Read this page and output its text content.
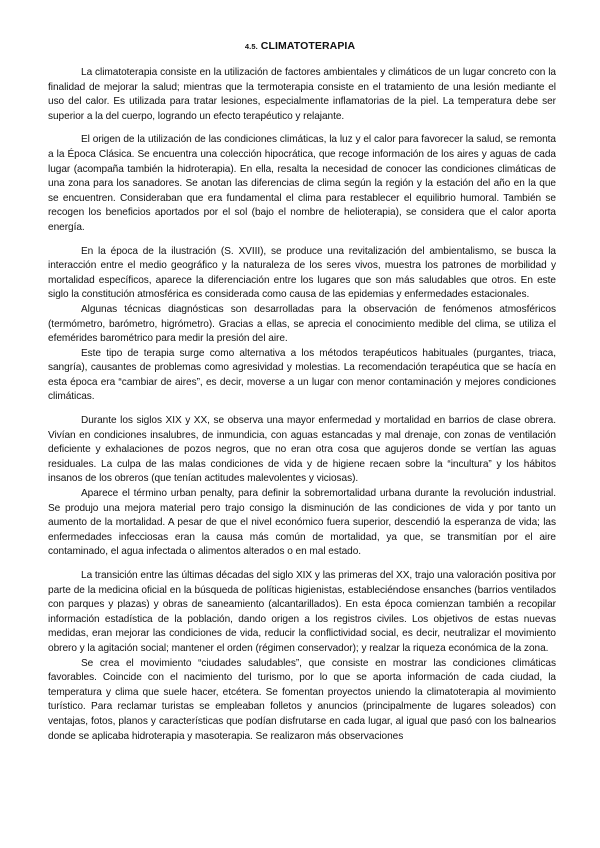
4.5. CLIMATOTERAPIA

La climatoterapia consiste en la utilización de factores ambientales y climáticos de un lugar concreto con la finalidad de mejorar la salud; mientras que la termoterapia consiste en el tratamiento de una lesión mediante el uso del calor. Es utilizada para tratar lesiones, especialmente inflamatorias de la piel. La temperatura debe ser superior a la del cuerpo, logrando un efecto terapéutico y relajante.

El origen de la utilización de las condiciones climáticas, la luz y el calor para favorecer la salud, se remonta a la Época Clásica. Se encuentra una colección hipocrática, que recoge información de los aires y aguas de cada lugar (acompaña también la hidroterapia). En ella, resalta la necesidad de conocer las condiciones climáticas de una zona para los sanadores. Se anotan las diferencias de clima según la región y la estación del año en la que se encuentren. Consideraban que era fundamental el clima para restablecer el equilibrio humoral. También se recogen los beneficios aportados por el sol (bajo el nombre de helioterapia), se considera que el calor aporta energía.

En la época de la ilustración (S. XVIII), se produce una revitalización del ambientalismo, se busca la interacción entre el medio geográfico y la naturaleza de los seres vivos, muestra los patrones de morbilidad y mortalidad específicos, aparece la diferenciación entre los lugares que son más saludables que otros. En este siglo la constitución atmosférica es considerada como causa de las epidemias y enfermedades estacionales.

Algunas técnicas diagnósticas son desarrolladas para la observación de fenómenos atmosféricos (termómetro, barómetro, higrómetro). Gracias a ellas, se aprecia el conocimiento medible del clima, se utiliza el efemérides barométrico para medir la presión del aire.

Este tipo de terapia surge como alternativa a los métodos terapéuticos habituales (purgantes, triaca, sangría), causantes de problemas como agresividad y molestias. La recomendación terapéutica que se hacía en esta época era “cambiar de aires”, es decir, moverse a un lugar con menor contaminación y mejores condiciones climáticas.

Durante los siglos XIX y XX, se observa una mayor enfermedad y mortalidad en barrios de clase obrera. Vivían en condiciones insalubres, de inmundicia, con aguas estancadas y mal drenaje, con zonas de ventilación deficiente y exhalaciones de pozos negros, que no eran otra cosa que agujeros donde se vertían las aguas residuales. La culpa de las malas condiciones de vida y de higiene recaen sobre la “incultura” y los hábitos insanos de los obreros (que tenían actitudes malevolentes y viciosas).

Aparece el término urban penalty, para definir la sobremortalidad urbana durante la revolución industrial. Se produjo una mejora material pero trajo consigo la disminución de las condiciones de vida y por tanto un aumento de la mortalidad. A pesar de que el nivel económico fuera superior, descendió la esperanza de vida; las enfermedades infecciosas eran la causa más común de mortalidad, ya que, se transmitían por el aire contaminado, el agua infectada o alimentos alterados o en mal estado.

La transición entre las últimas décadas del siglo XIX y las primeras del XX, trajo una valoración positiva por parte de la medicina oficial en la búsqueda de políticas higienistas, estableciéndose ensanches (barrios ventilados con parques y plazas) y obras de saneamiento (alcantarillados). En esta época comienzan también a recopilar información estadística de la población, dando origen a los registros civiles. Los objetivos de estas nuevas medidas, eran mejorar las condiciones de vida, reducir la conflictividad social, es decir, neutralizar el movimiento obrero y la agitación social; mantener el orden (régimen conservador); y realzar la riqueza económica de la zona.

Se crea el movimiento “ciudades saludables”, que consiste en mostrar las condiciones climáticas favorables. Coincide con el nacimiento del turismo, por lo que se aporta información de cada ciudad, la temperatura y clima que suele hacer, etcétera. Se fomentan proyectos uniendo la climatoterapia al movimiento turístico. Para reclamar turistas se empleaban folletos y anuncios (principalmente de lugares soleados) con ventajas, fotos, planos y características que podían disfrutarse en cada lugar, al igual que pasó con los balnearios donde se aplicaba hidroterapia y masoterapia. Se realizaron más observaciones
